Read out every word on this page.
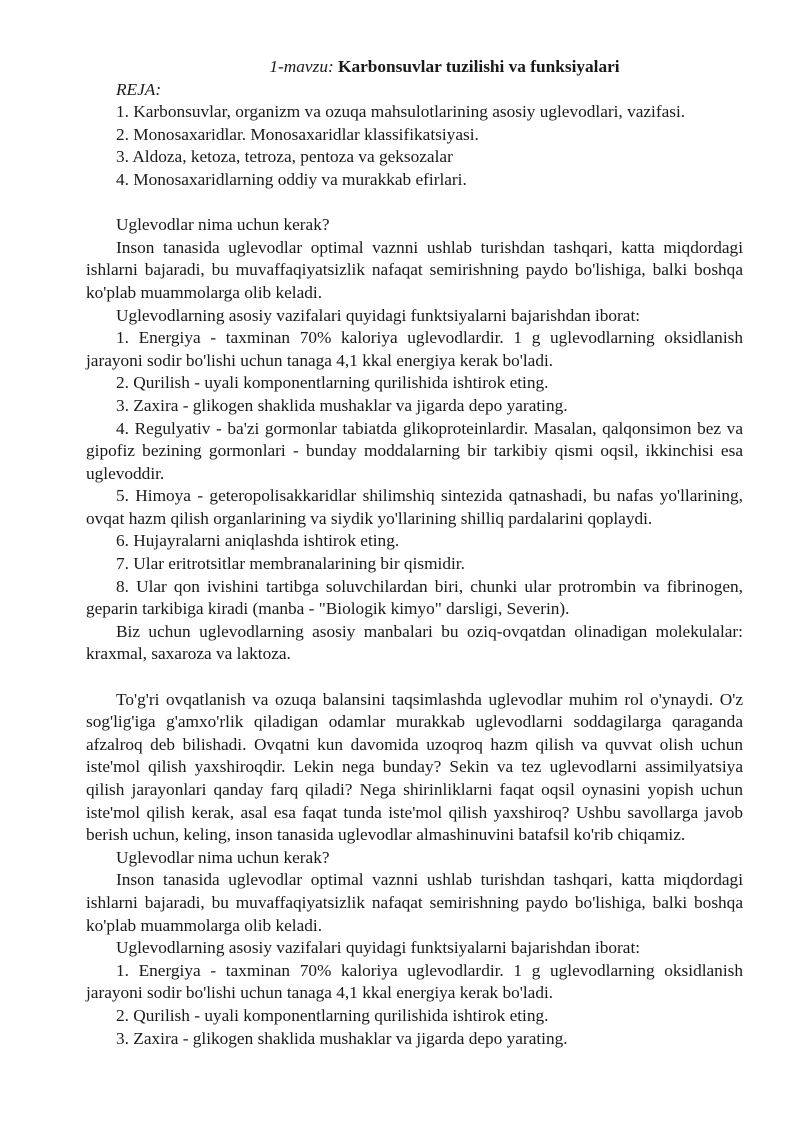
1-mavzu: Karbonsuvlar tuzilishi va funksiyalari
REJA:

1. Karbonsuvlar, organizm va ozuqa mahsulotlarining asosiy uglevodlari, vazifasi.

2. Monosaxaridlar. Monosaxaridlar klassifikatsiyasi.

3. Aldoza, ketoza, tetroza, pentoza va geksozalar

4. Monosaxaridlarning oddiy va murakkab efirlari.

Uglevodlar nima uchun kerak?

Inson tanasida uglevodlar optimal vaznni ushlab turishdan tashqari, katta miqdordagi ishlarni bajaradi, bu muvaffaqiyatsizlik nafaqat semirishning paydo bo'lishiga, balki boshqa ko'plab muammolarga olib keladi.

Uglevodlarning asosiy vazifalari quyidagi funktsiyalarni bajarishdan iborat:

1. Energiya - taxminan 70% kaloriya uglevodlardir. 1 g uglevodlarning oksidlanish jarayoni sodir bo'lishi uchun tanaga 4,1 kkal energiya kerak bo'ladi.

2. Qurilish - uyali komponentlarning qurilishida ishtirok eting.

3. Zaxira - glikogen shaklida mushaklar va jigarda depo yarating.

4. Regulyativ - ba'zi gormonlar tabiatda glikoproteinlardir. Masalan, qalqonsimon bez va gipofiz bezining gormonlari - bunday moddalarning bir tarkibiy qismi oqsil, ikkinchisi esa uglevoddir.

5. Himoya - geteropolisakkaridlar shilimshiq sintezida qatnashadi, bu nafas yo'llarining, ovqat hazm qilish organlarining va siydik yo'llarining shilliq pardalarini qoplaydi.

6. Hujayralarni aniqlashda ishtirok eting.

7. Ular eritrotsitlar membranalarining bir qismidir.

8. Ular qon ivishini tartibga soluvchilardan biri, chunki ular protrombin va fibrinogen, geparin tarkibiga kiradi (manba - "Biologik kimyo" darsligi, Severin).

Biz uchun uglevodlarning asosiy manbalari bu oziq-ovqatdan olinadigan molekulalar: kraxmal, saxaroza va laktoza.

To'g'ri ovqatlanish va ozuqa balansini taqsimlashda uglevodlar muhim rol o'ynaydi. O'z sog'lig'iga g'amxo'rlik qiladigan odamlar murakkab uglevodlarni soddagilarga qaraganda afzalroq deb bilishadi. Ovqatni kun davomida uzoqroq hazm qilish va quvvat olish uchun iste'mol qilish yaxshiroqdir. Lekin nega bunday? Sekin va tez uglevodlarni assimilyatsiya qilish jarayonlari qanday farq qiladi? Nega shirinliklarni faqat oqsil oynasini yopish uchun iste'mol qilish kerak, asal esa faqat tunda iste'mol qilish yaxshiroq? Ushbu savollarga javob berish uchun, keling, inson tanasida uglevodlar almashinuvini batafsil ko'rib chiqamiz.

Uglevodlar nima uchun kerak?

Inson tanasida uglevodlar optimal vaznni ushlab turishdan tashqari, katta miqdordagi ishlarni bajaradi, bu muvaffaqiyatsizlik nafaqat semirishning paydo bo'lishiga, balki boshqa ko'plab muammolarga olib keladi.

Uglevodlarning asosiy vazifalari quyidagi funktsiyalarni bajarishdan iborat:

1. Energiya - taxminan 70% kaloriya uglevodlardir. 1 g uglevodlarning oksidlanish jarayoni sodir bo'lishi uchun tanaga 4,1 kkal energiya kerak bo'ladi.

2. Qurilish - uyali komponentlarning qurilishida ishtirok eting.

3. Zaxira - glikogen shaklida mushaklar va jigarda depo yarating.
